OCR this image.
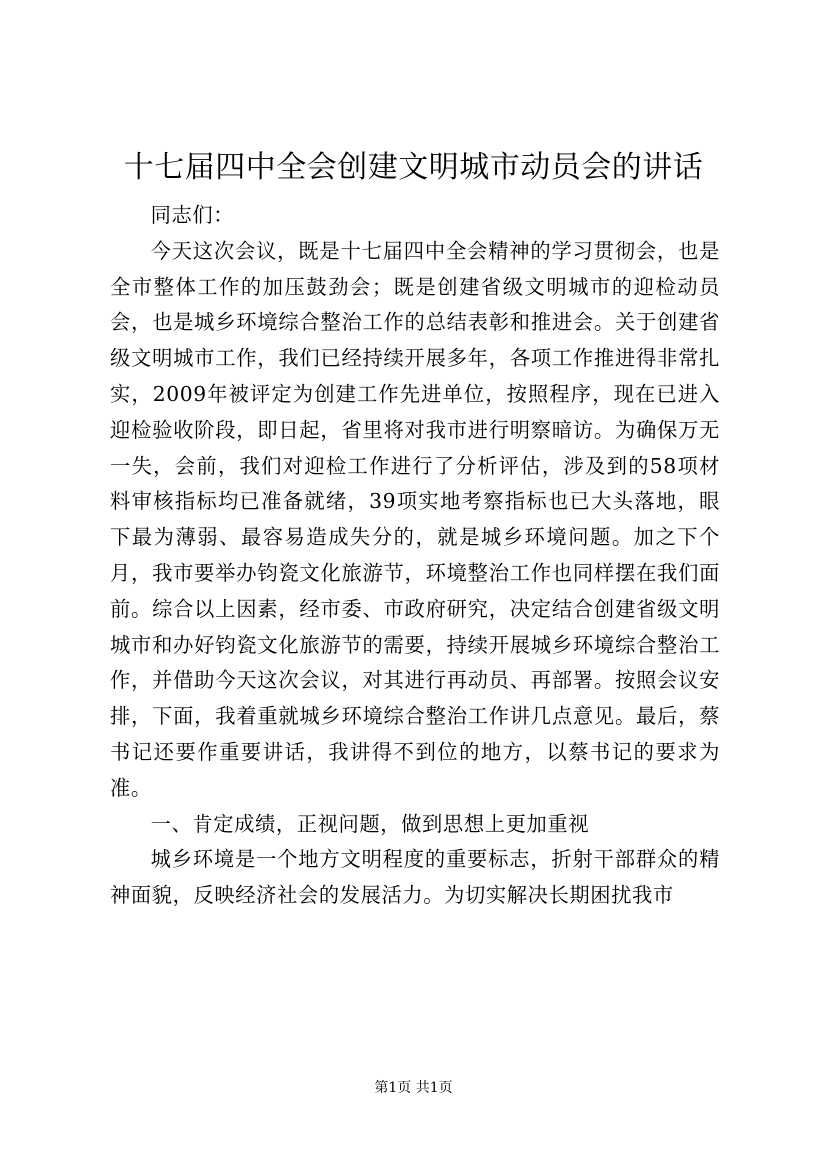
十七届四中全会创建文明城市动员会的讲话

同志们：

今天这次会议，既是十七届四中全会精神的学习贯彻会，也是全市整体工作的加压鼓劲会；既是创建省级文明城市的迎检动员会，也是城乡环境综合整治工作的总结表彰和推进会。关于创建省级文明城市工作，我们已经持续开展多年，各项工作推进得非常扎实，2009年被评定为创建工作先进单位，按照程序，现在已进入迎检验收阶段，即日起，省里将对我市进行明察暗访。为确保万无一失，会前，我们对迎检工作进行了分析评估，涉及到的58项材料审核指标均已准备就绪，39项实地考察指标也已大头落地，眼下最为薄弱、最容易造成失分的，就是城乡环境问题。加之下个月，我市要举办钧瓷文化旅游节，环境整治工作也同样摆在我们面前。综合以上因素，经市委、市政府研究，决定结合创建省级文明城市和办好钧瓷文化旅游节的需要，持续开展城乡环境综合整治工作，并借助今天这次会议，对其进行再动员、再部署。按照会议安排，下面，我着重就城乡环境综合整治工作讲几点意见。最后，蔡书记还要作重要讲话，我讲得不到位的地方，以蔡书记的要求为准。

一、肯定成绩，正视问题，做到思想上更加重视

城乡环境是一个地方文明程度的重要标志，折射干部群众的精神面貌，反映经济社会的发展活力。为切实解决长期困扰我市

第1页 共1页
